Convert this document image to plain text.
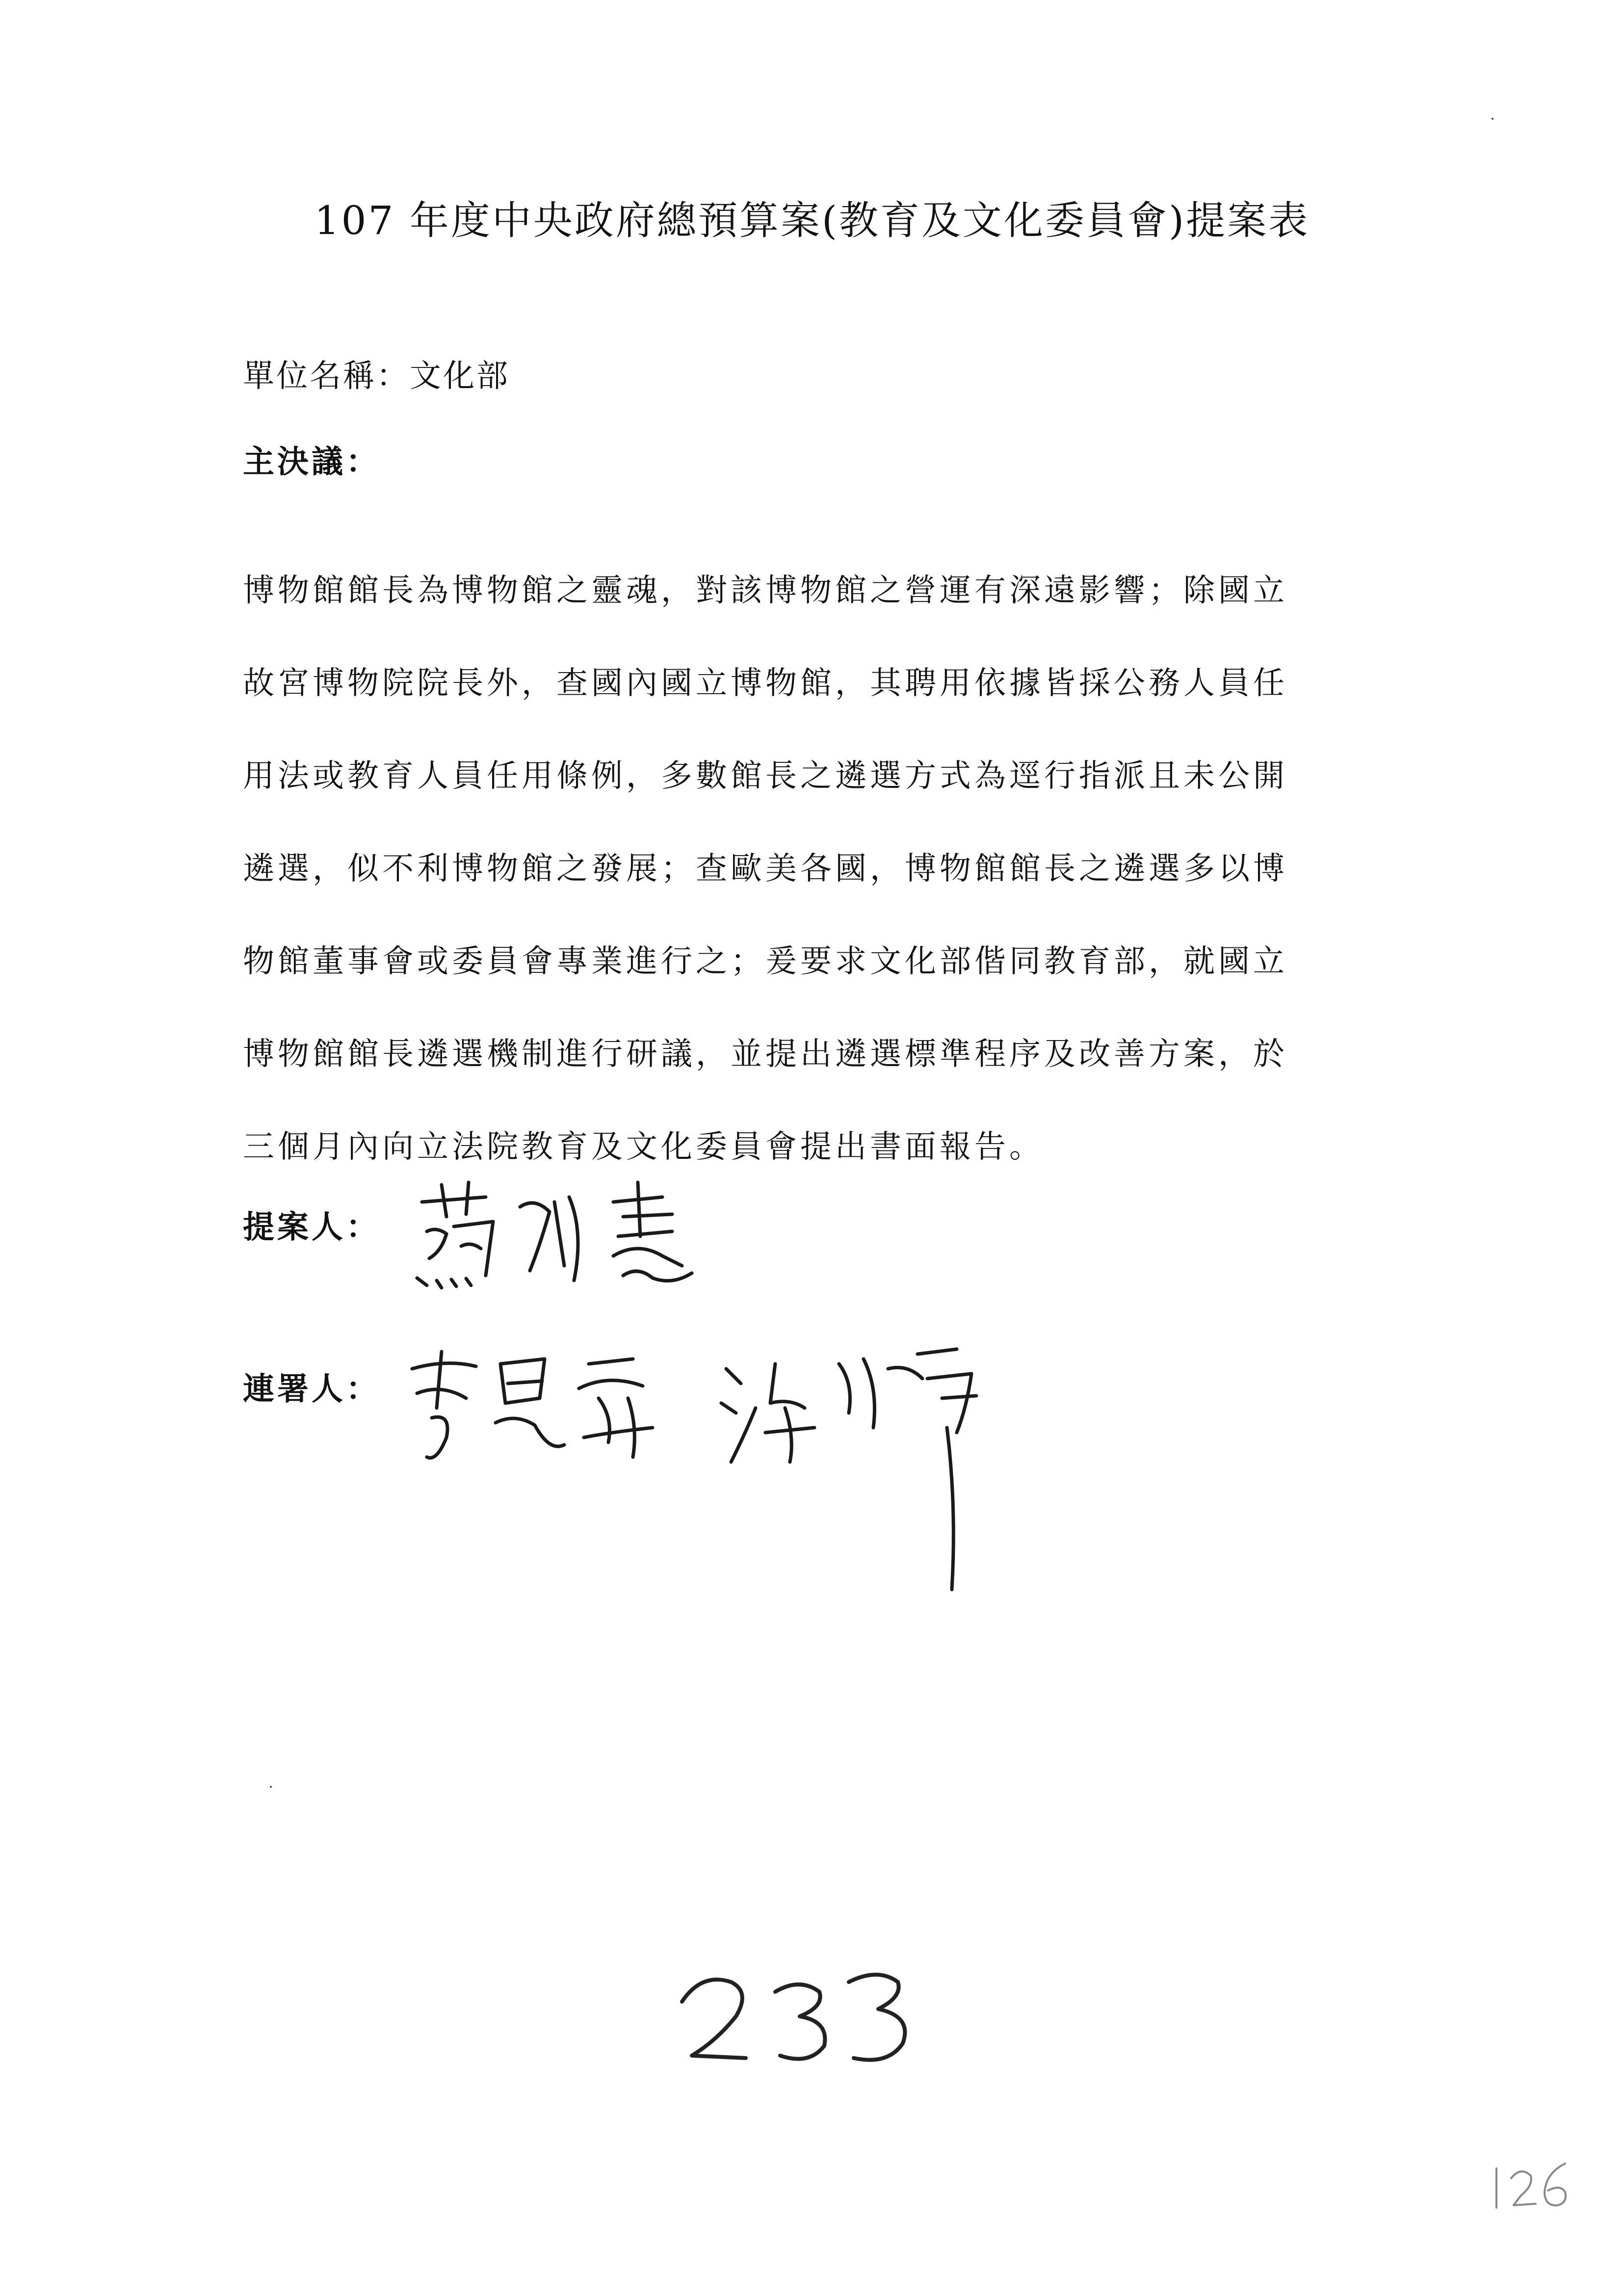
107 年度中央政府總預算案(教育及文化委員會)提案表
單位名稱：文化部
主決議：
博物館館長為博物館之靈魂，對該博物館之營運有深遠影響；除國立
故宮博物院院長外，查國內國立博物館，其聘用依據皆採公務人員任
用法或教育人員任用條例，多數館長之遴選方式為逕行指派且未公開
遴選，似不利博物館之發展；查歐美各國，博物館館長之遴選多以博
物館董事會或委員會專業進行之；爰要求文化部偕同教育部，就國立
博物館館長遴選機制進行研議，並提出遴選標準程序及改善方案，於
三個月內向立法院教育及文化委員會提出書面報告。
提案人：
連署人：
